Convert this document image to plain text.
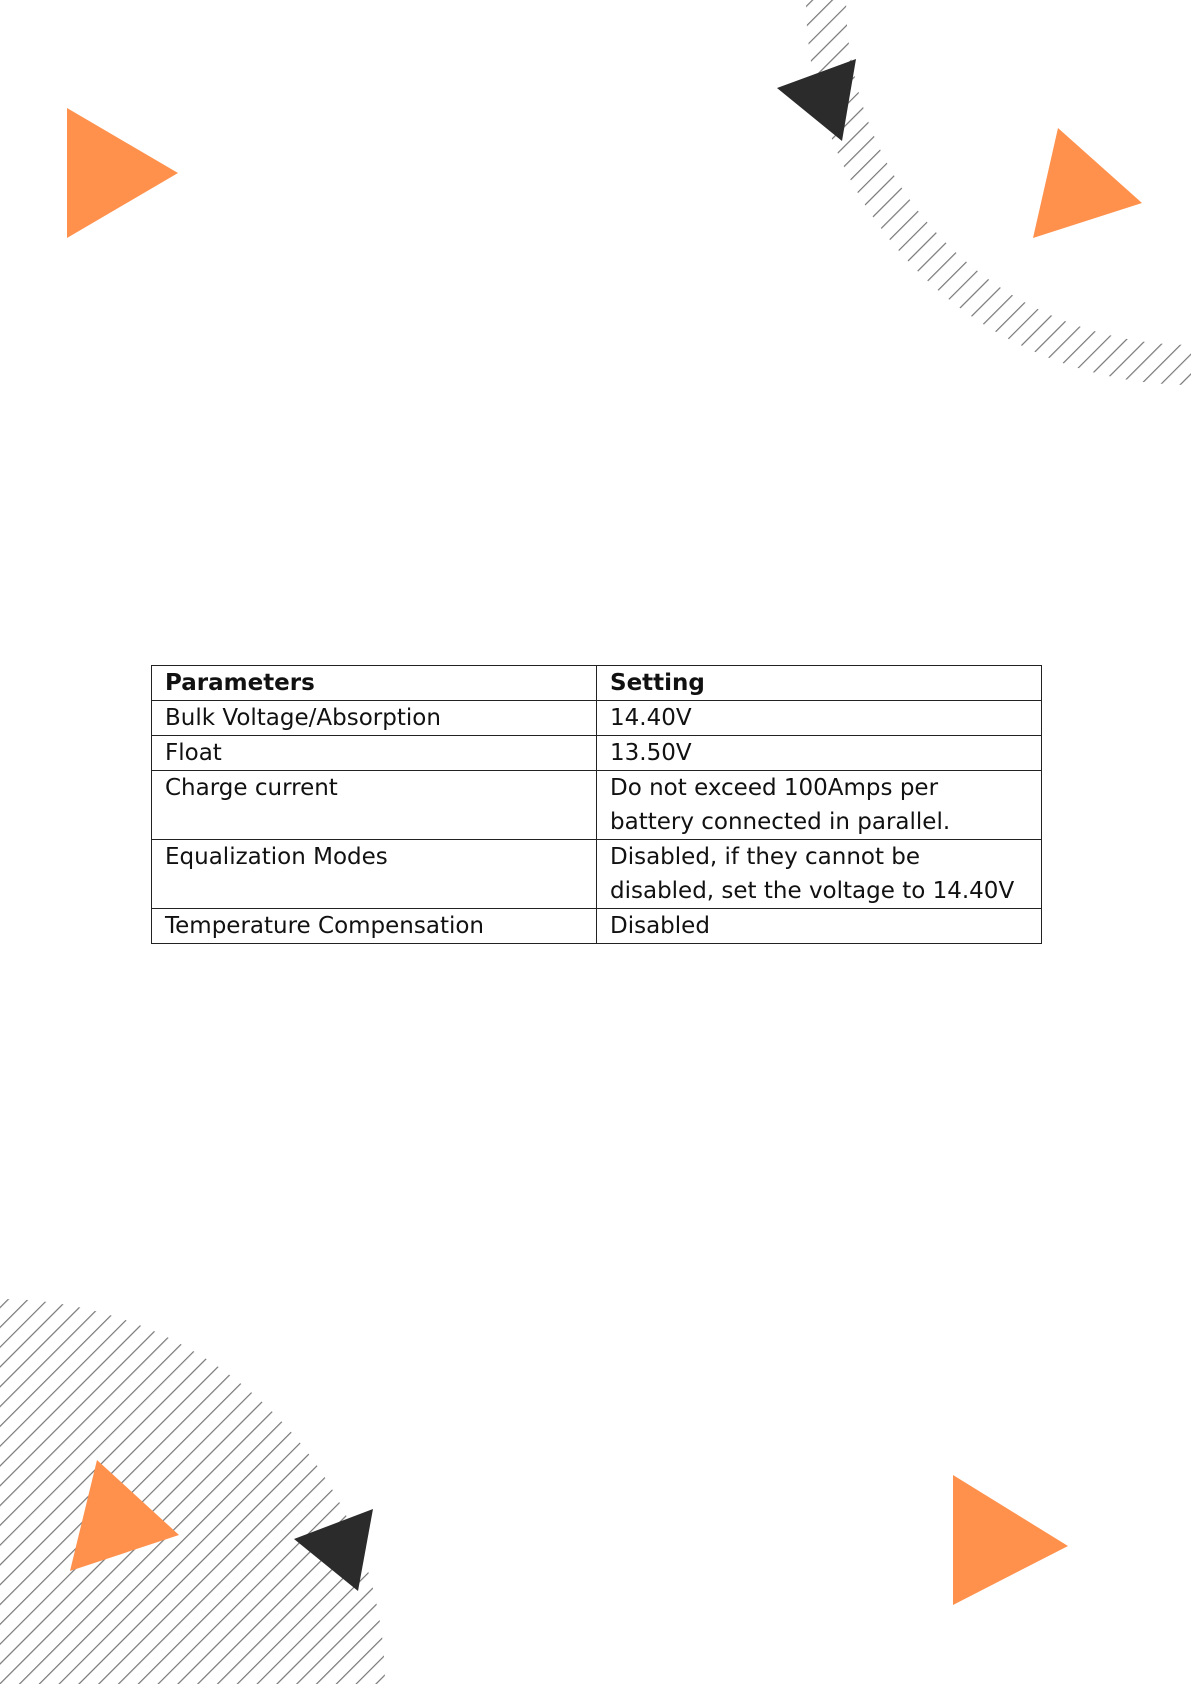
Parameters	Setting
Bulk Voltage/Absorption	14.40V
Float	13.50V
Charge current	Do not exceed 100Amps per battery connected in parallel.
Equalization Modes	Disabled, if they cannot be disabled, set the voltage to 14.40V
Temperature Compensation	Disabled
